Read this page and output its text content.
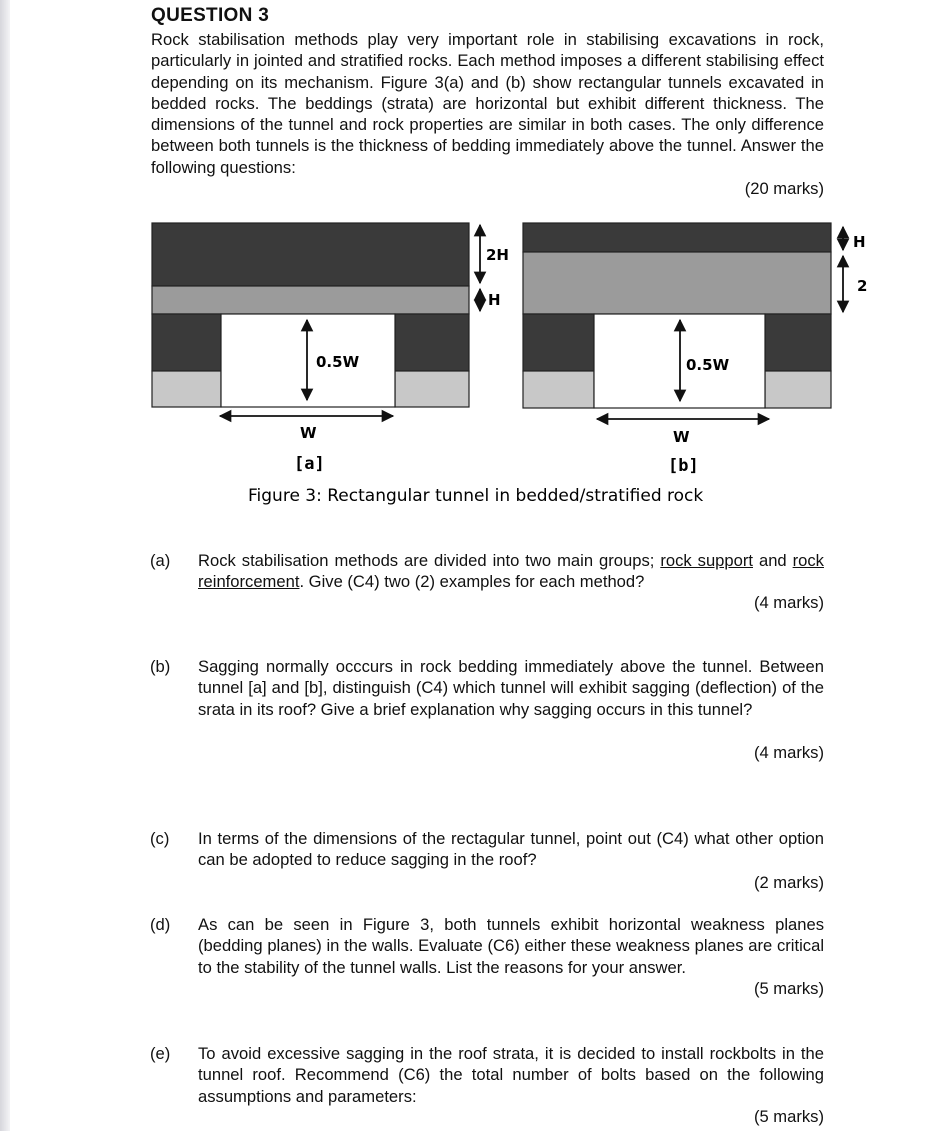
QUESTION 3
Rock stabilisation methods play very important role in stabilising excavations in rock, particularly in jointed and stratified rocks. Each method imposes a different stabilising effect depending on its mechanism. Figure 3(a) and (b) show rectangular tunnels excavated in bedded rocks. The beddings (strata) are horizontal but exhibit different thickness. The dimensions of the tunnel and rock properties are similar in both cases. The only difference between both tunnels is the thickness of bedding immediately above the tunnel. Answer the following questions:
(20 marks)
0.5W
W
[a]
2H
H
0.5W
W
[b]
H
2
Figure 3: Rectangular tunnel in bedded/stratified rock
(a) Rock stabilisation methods are divided into two main groups; rock support and rock reinforcement. Give (C4) two (2) examples for each method?
(4 marks)
(b) Sagging normally occcurs in rock bedding immediately above the tunnel. Between tunnel [a] and [b], distinguish (C4) which tunnel will exhibit sagging (deflection) of the srata in its roof? Give a brief explanation why sagging occurs in this tunnel?
(4 marks)
(c) In terms of the dimensions of the rectagular tunnel, point out (C4) what other option can be adopted to reduce sagging in the roof?
(2 marks)
(d) As can be seen in Figure 3, both tunnels exhibit horizontal weakness planes (bedding planes) in the walls. Evaluate (C6) either these weakness planes are critical to the stability of the tunnel walls. List the reasons for your answer.
(5 marks)
(e) To avoid excessive sagging in the roof strata, it is decided to install rockbolts in the tunnel roof. Recommend (C6) the total number of bolts based on the following assumptions and parameters:
(5 marks)
